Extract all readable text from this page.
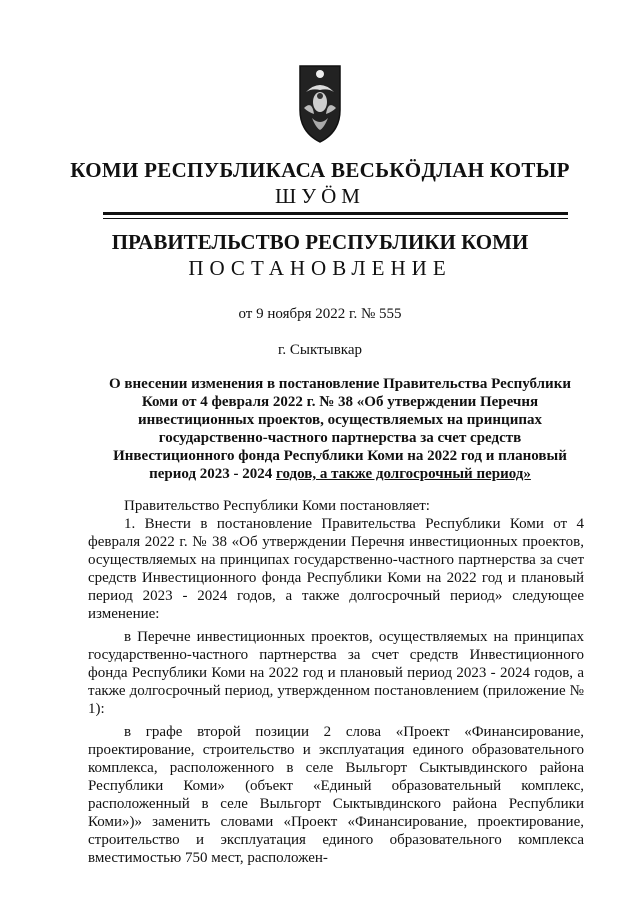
КОМИ РЕСПУБЛИКАСА ВЕСЬКÖДЛАН КОТЫР
ШУÖМ
ПРАВИТЕЛЬСТВО РЕСПУБЛИКИ КОМИ
ПОСТАНОВЛЕНИЕ
от 9 ноября 2022 г. № 555
г. Сыктывкар
О внесении изменения в постановление Правительства Республики Коми от 4 февраля 2022 г. № 38 «Об утверждении Перечня инвестиционных проектов, осуществляемых на принципах государственно-частного партнерства за счет средств Инвестиционного фонда Республики Коми на 2022 год и плановый период 2023 - 2024 годов, а также долгосрочный период»

Правительство Республики Коми постановляет:

1. Внести в постановление Правительства Республики Коми от 4 февраля 2022 г. № 38 «Об утверждении Перечня инвестиционных проектов, осуществляемых на принципах государственно-частного партнерства за счет средств Инвестиционного фонда Республики Коми на 2022 год и плановый период 2023 - 2024 годов, а также долгосрочный период» следующее изменение:

в Перечне инвестиционных проектов, осуществляемых на принципах государственно-частного партнерства за счет средств Инвестиционного фонда Республики Коми на 2022 год и плановый период 2023 - 2024 годов, а также долгосрочный период, утвержденном постановлением (приложение № 1):

в графе второй позиции 2 слова «Проект «Финансирование, проектирование, строительство и эксплуатация единого образовательного комплекса, расположенного в селе Выльгорт Сыктывдинского района Республики Коми» (объект «Единый образовательный комплекс, расположенный в селе Выльгорт Сыктывдинского района Республики Коми»)» заменить словами «Проект «Финансирование, проектирование, строительство и эксплуатация единого образовательного комплекса вместимостью 750 мест, расположен-
